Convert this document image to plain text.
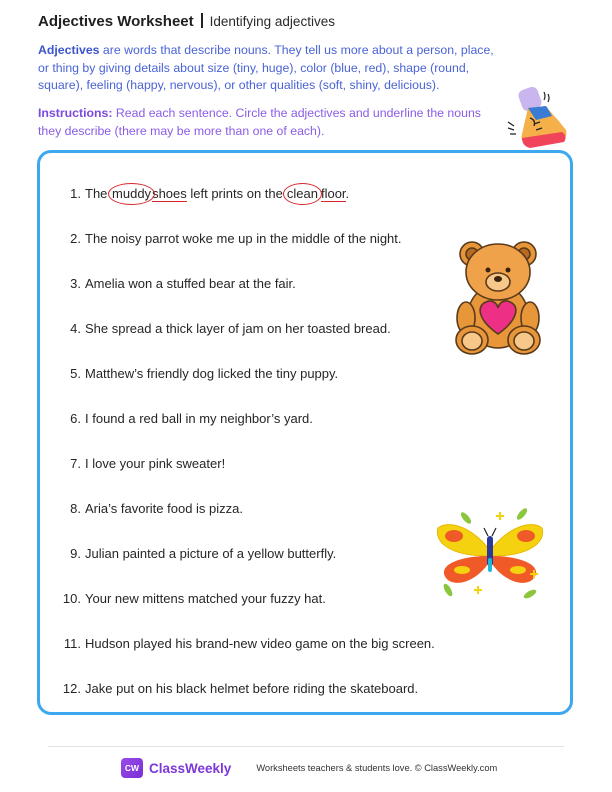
Adjectives Worksheet Identifying adjectives
Adjectives are words that describe nouns. They tell us more about a person, place, or thing by giving details about size (tiny, huge), color (blue, red), shape (round, square), feeling (happy, nervous), or other qualities (soft, shiny, delicious).
Instructions: Read each sentence. Circle the adjectives and underline the nouns they describe (there may be more than one of each).
1. The muddyshoes left prints on the clean floor.
2. The noisy parrot woke me up in the middle of the night.
3. Amelia won a stuffed bear at the fair.
4. She spread a thick layer of jam on her toasted bread.
5. Matthew’s friendly dog licked the tiny puppy.
6. I found a red ball in my neighbor’s yard.
7. I love your pink sweater!
8. Aria’s favorite food is pizza.
9. Julian painted a picture of a yellow butterfly.
10. Your new mittens matched your fuzzy hat.
11. Hudson played his brand-new video game on the big screen.
12. Jake put on his black helmet before riding the skateboard.
CW ClassWeekly	Worksheets teachers & students love. © ClassWeekly.com
